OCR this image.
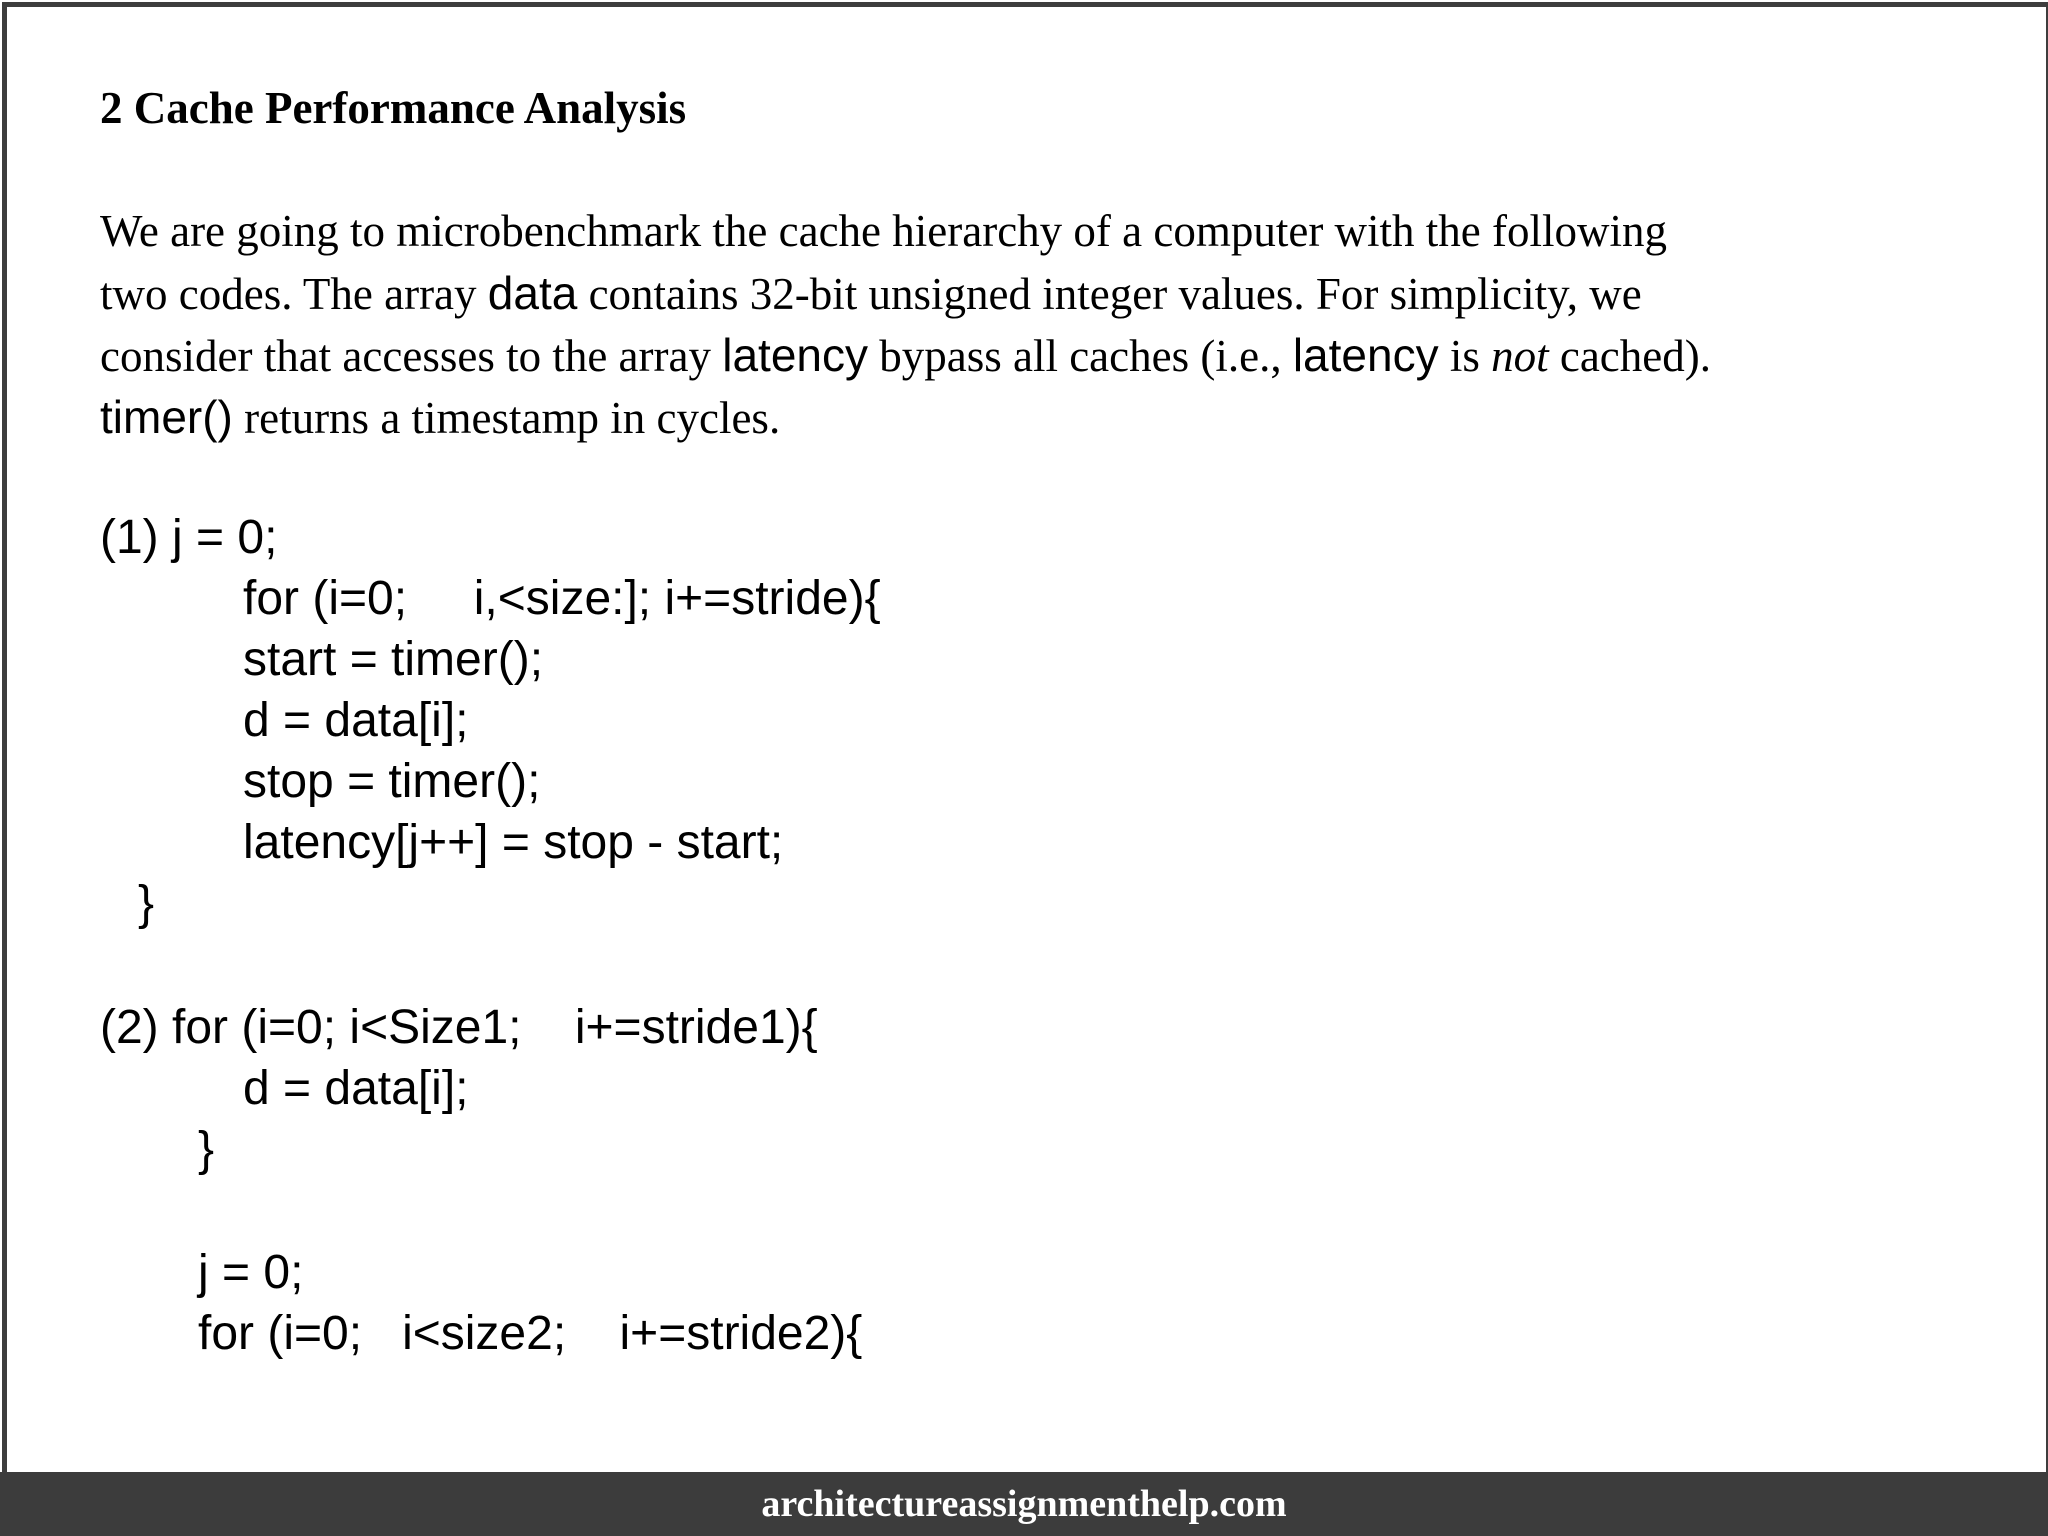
2 Cache Performance Analysis
We are going to microbenchmark the cache hierarchy of a computer with the following
two codes. The array data contains 32-bit unsigned integer values. For simplicity, we
consider that accesses to the array latency bypass all caches (i.e., latency is not cached).
timer() returns a timestamp in cycles.
(1) j = 0;
for (i=0;     i,<size:]; i+=stride){
start = timer();
d = data[i];
stop = timer();
latency[j++] = stop - start;
}
(2) for (i=0; i<Size1;    i+=stride1){
d = data[i];
}
j = 0;
for (i=0;   i<size2;    i+=stride2){
architectureassignmenthelp.com
